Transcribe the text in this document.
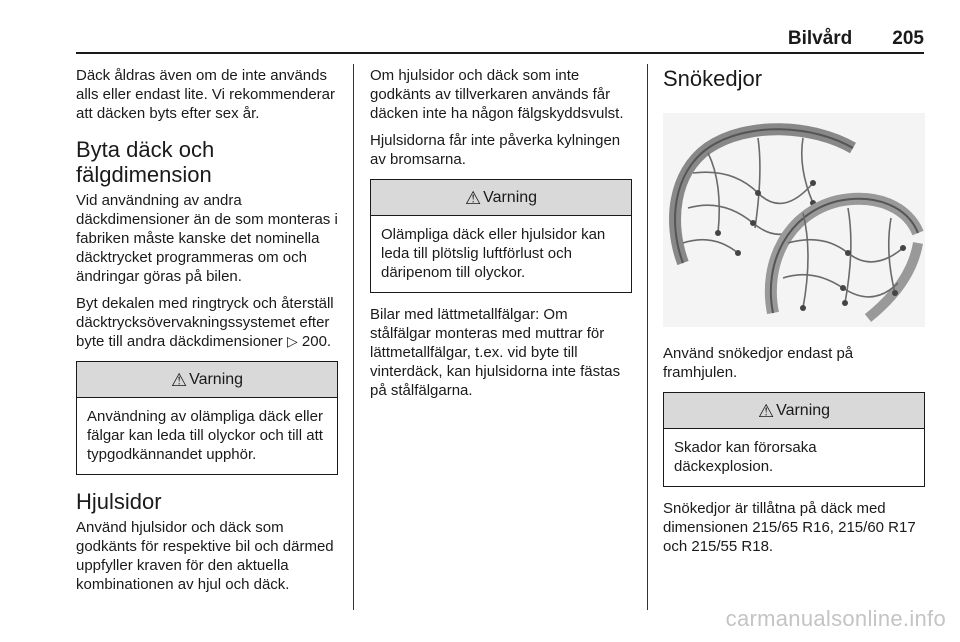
Bilvård 205

Däck åldras även om de inte används alls eller endast lite. Vi rekommenderar att däcken byts efter sex år.

Byta däck och fälgdimension

Vid användning av andra däckdimensioner än de som monteras i fabriken måste kanske det nominella däcktrycket programmeras om och ändringar göras på bilen.

Byt dekalen med ringtryck och återställ däcktrycksövervakningssystemet efter byte till andra däckdimensioner ▷ 200.

⚠ Varning
Användning av olämpliga däck eller fälgar kan leda till olyckor och till att typgodkännandet upphör.
Hjulsidor

Använd hjulsidor och däck som godkänts för respektive bil och därmed uppfyller kraven för den aktuella kombinationen av hjul och däck.

Om hjulsidor och däck som inte godkänts av tillverkaren används får däcken inte ha någon fälgskyddsvulst.

Hjulsidorna får inte påverka kylningen av bromsarna.

⚠ Varning
Olämpliga däck eller hjulsidor kan leda till plötslig luftförlust och däripenom till olyckor.

Bilar med lättmetallfälgar: Om stålfälgar monteras med muttrar för lättmetallfälgar, t.ex. vid byte till vinterdäck, kan hjulsidorna inte fästas på stålfälgarna.

Snökedjor

Använd snökedjor endast på framhjulen.

⚠ Varning
Skador kan förorsaka däckexplosion.

Snökedjor är tillåtna på däck med dimensionen 215/65 R16, 215/60 R17 och 215/55 R18.

carmanualsonline.info
